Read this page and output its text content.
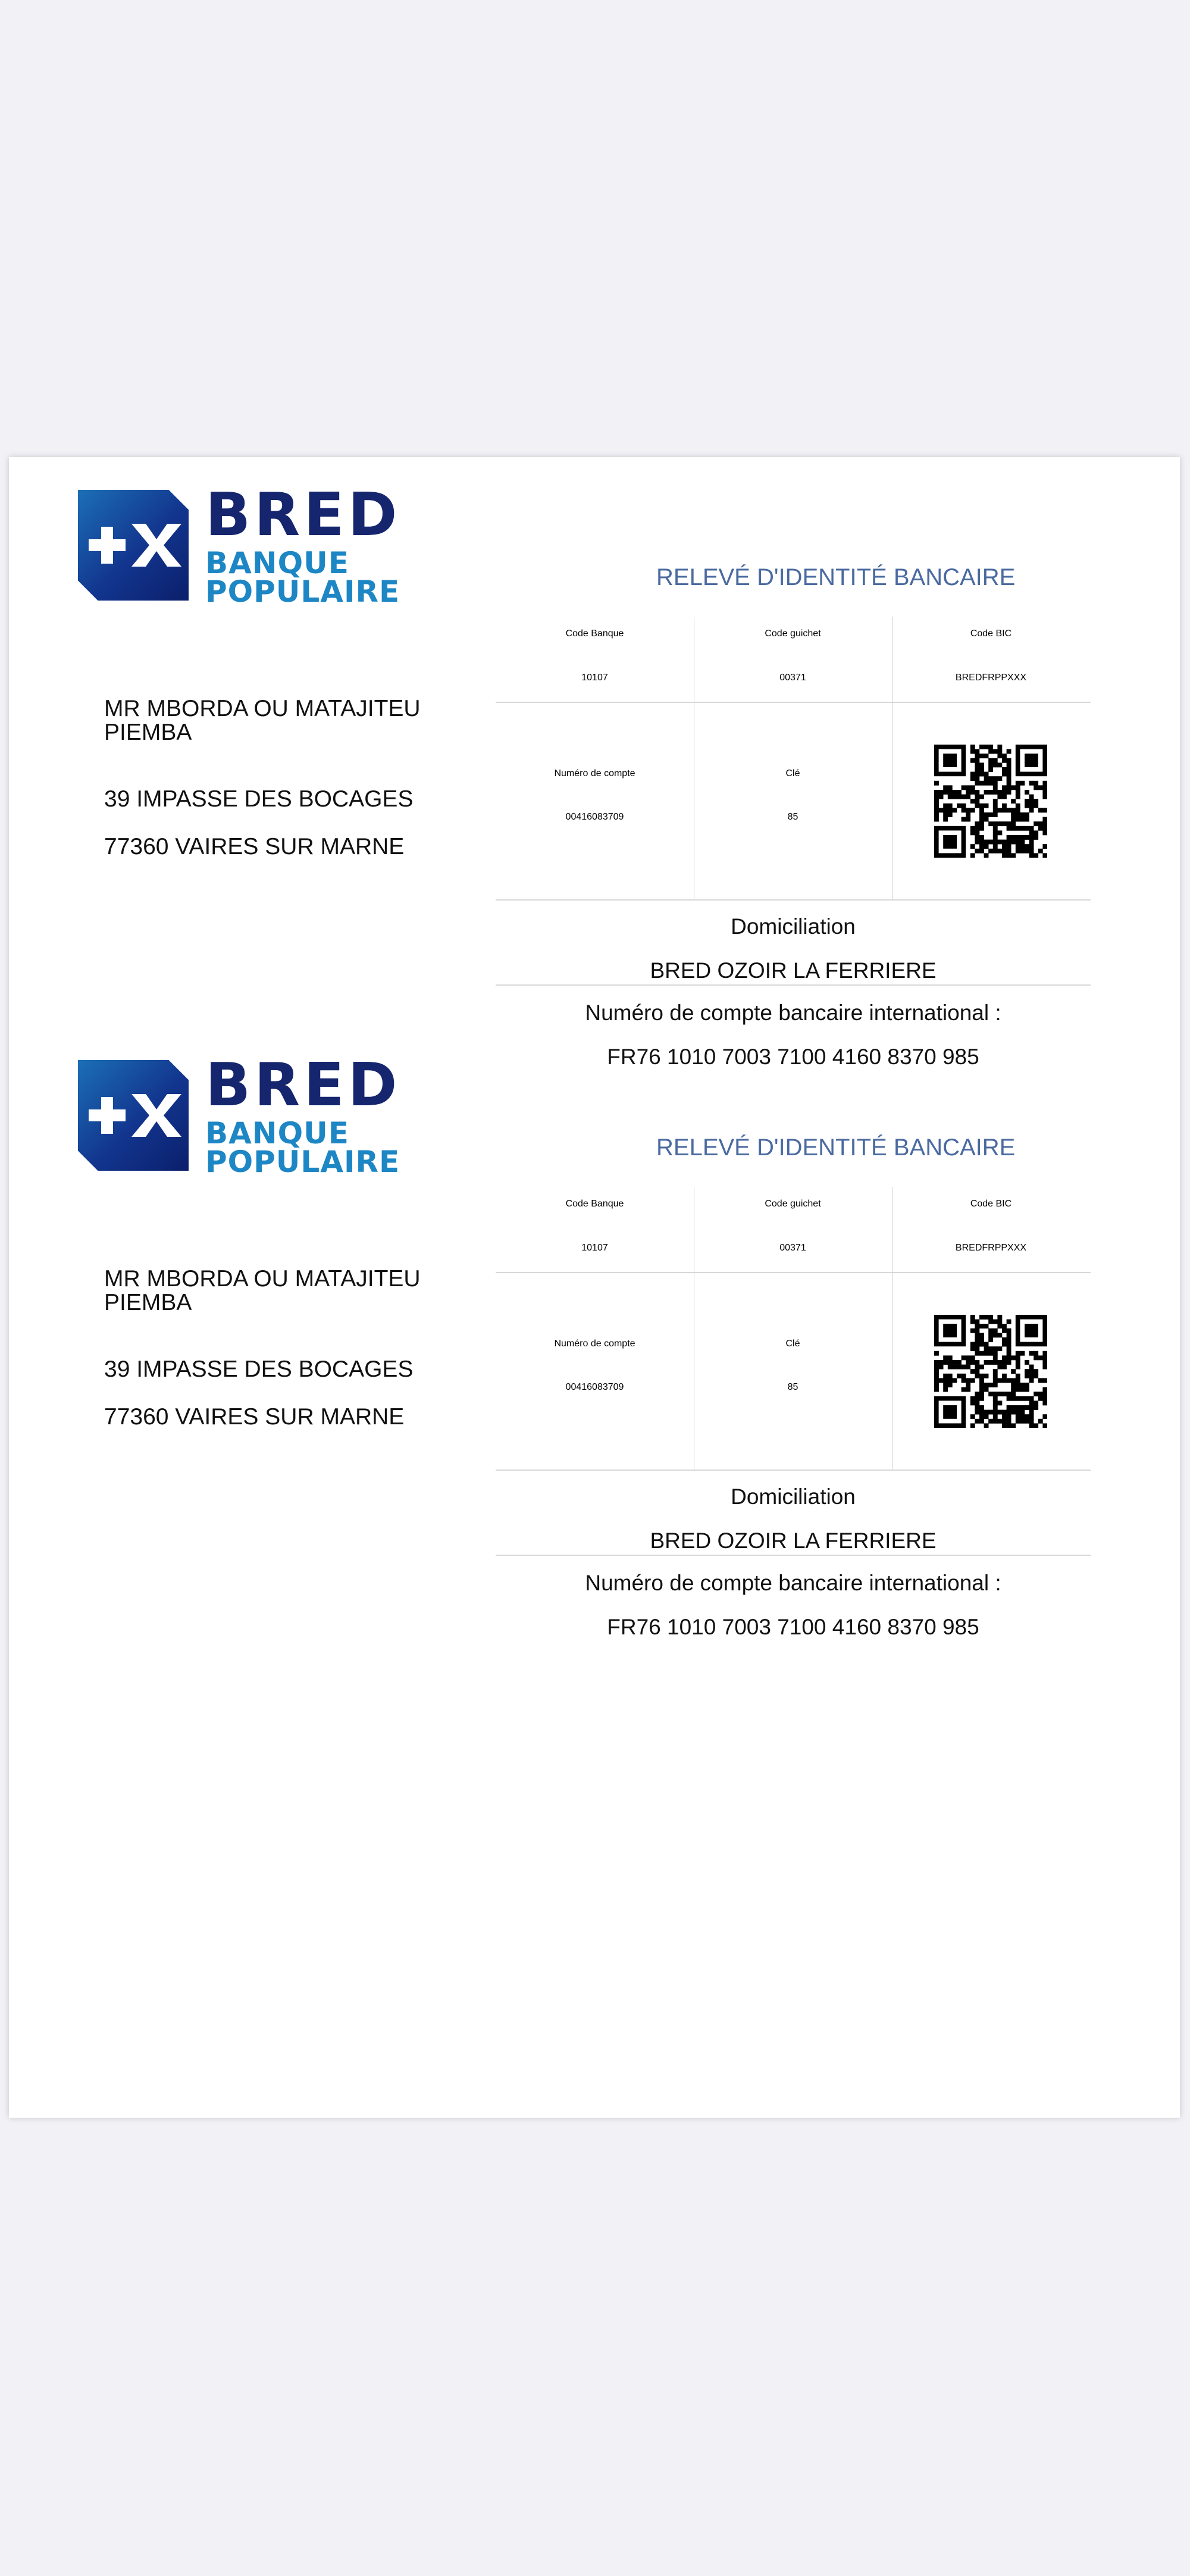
BRED
BANQUE
POPULAIRE
MR MBORDA OU MATAJITEU PIEMBA
39 IMPASSE DES BOCAGES
77360 VAIRES SUR MARNE
RELEVÉ D'IDENTITÉ BANCAIRE
Code Banque	Code guichet	Code BIC
10107	00371	BREDFRPPXXX
Numéro de compte	Clé
00416083709	85
Domiciliation
BRED OZOIR LA FERRIERE
Numéro de compte bancaire international :
FR76 1010 7003 7100 4160 8370 985
BRED
BANQUE
POPULAIRE
MR MBORDA OU MATAJITEU PIEMBA
39 IMPASSE DES BOCAGES
77360 VAIRES SUR MARNE
RELEVÉ D'IDENTITÉ BANCAIRE
Code Banque	Code guichet	Code BIC
10107	00371	BREDFRPPXXX
Numéro de compte	Clé
00416083709	85
Domiciliation
BRED OZOIR LA FERRIERE
Numéro de compte bancaire international :
FR76 1010 7003 7100 4160 8370 985
